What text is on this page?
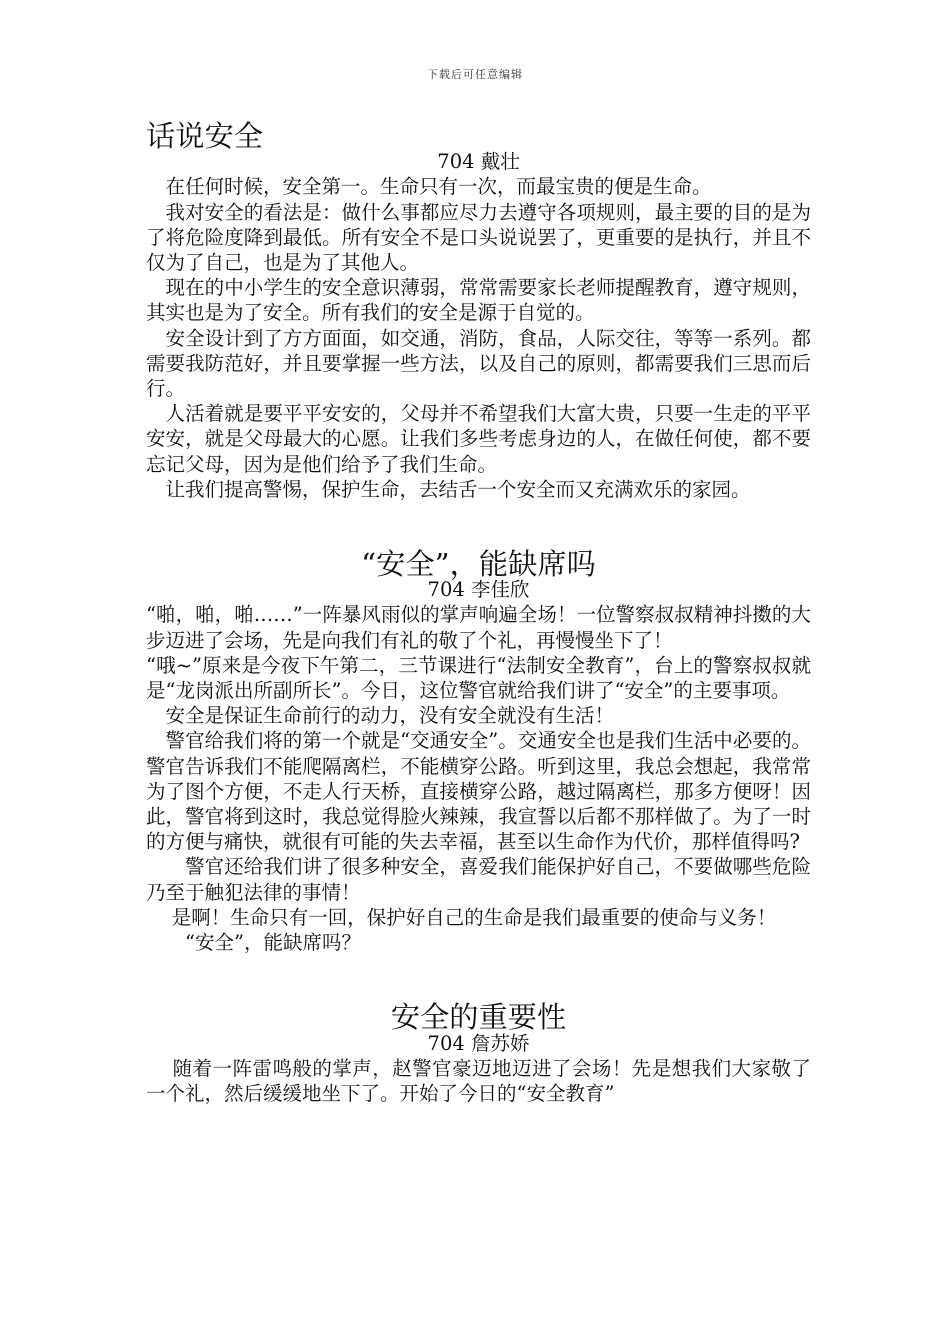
下载后可任意编辑
话说安全
704 戴壮

　在任何时候，安全第一。生命只有一次，而最宝贵的便是生命。

　我对安全的看法是：做什么事都应尽力去遵守各项规则，最主要的目的是为了将危险度降到最低。所有安全不是口头说说罢了，更重要的是执行，并且不仅为了自己，也是为了其他人。

　现在的中小学生的安全意识薄弱，常常需要家长老师提醒教育，遵守规则，其实也是为了安全。所有我们的安全是源于自觉的。

　安全设计到了方方面面，如交通，消防，食品，人际交往，等等一系列。都需要我防范好，并且要掌握一些方法，以及自己的原则，都需要我们三思而后行。

　人活着就是要平平安安的，父母并不希望我们大富大贵，只要一生走的平平安安，就是父母最大的心愿。让我们多些考虑身边的人，在做任何使，都不要忘记父母，因为是他们给予了我们生命。

　让我们提高警惕，保护生命，去结舌一个安全而又充满欢乐的家园。

“安全”，能缺席吗
704 李佳欣

“啪，啪，啪……”一阵暴风雨似的掌声响遍全场！一位警察叔叔精神抖擞的大步迈进了会场，先是向我们有礼的敬了个礼，再慢慢坐下了！

“哦~”原来是今夜下午第二，三节课进行“法制安全教育”，台上的警察叔叔就是“龙岗派出所副所长”。今日，这位警官就给我们讲了“安全”的主要事项。

　安全是保证生命前行的动力，没有安全就没有生活！

　警官给我们将的第一个就是“交通安全”。交通安全也是我们生活中必要的。警官告诉我们不能爬隔离栏，不能横穿公路。听到这里，我总会想起，我常常为了图个方便，不走人行天桥，直接横穿公路，越过隔离栏，那多方便呀！因此，警官将到这时，我总觉得脸火辣辣，我宣誓以后都不那样做了。为了一时的方便与痛快，就很有可能的失去幸福，甚至以生命作为代价，那样值得吗?

　　警官还给我们讲了很多种安全，喜爱我们能保护好自己，不要做哪些危险乃至于触犯法律的事情！

　 是啊！生命只有一回，保护好自己的生命是我们最重要的使命与义务！

　　“安全”，能缺席吗？

安全的重要性
704 詹苏娇

　 随着一阵雷鸣般的掌声，赵警官豪迈地迈进了会场！先是想我们大家敬了一个礼，然后缓缓地坐下了。开始了今日的“安全教育”
